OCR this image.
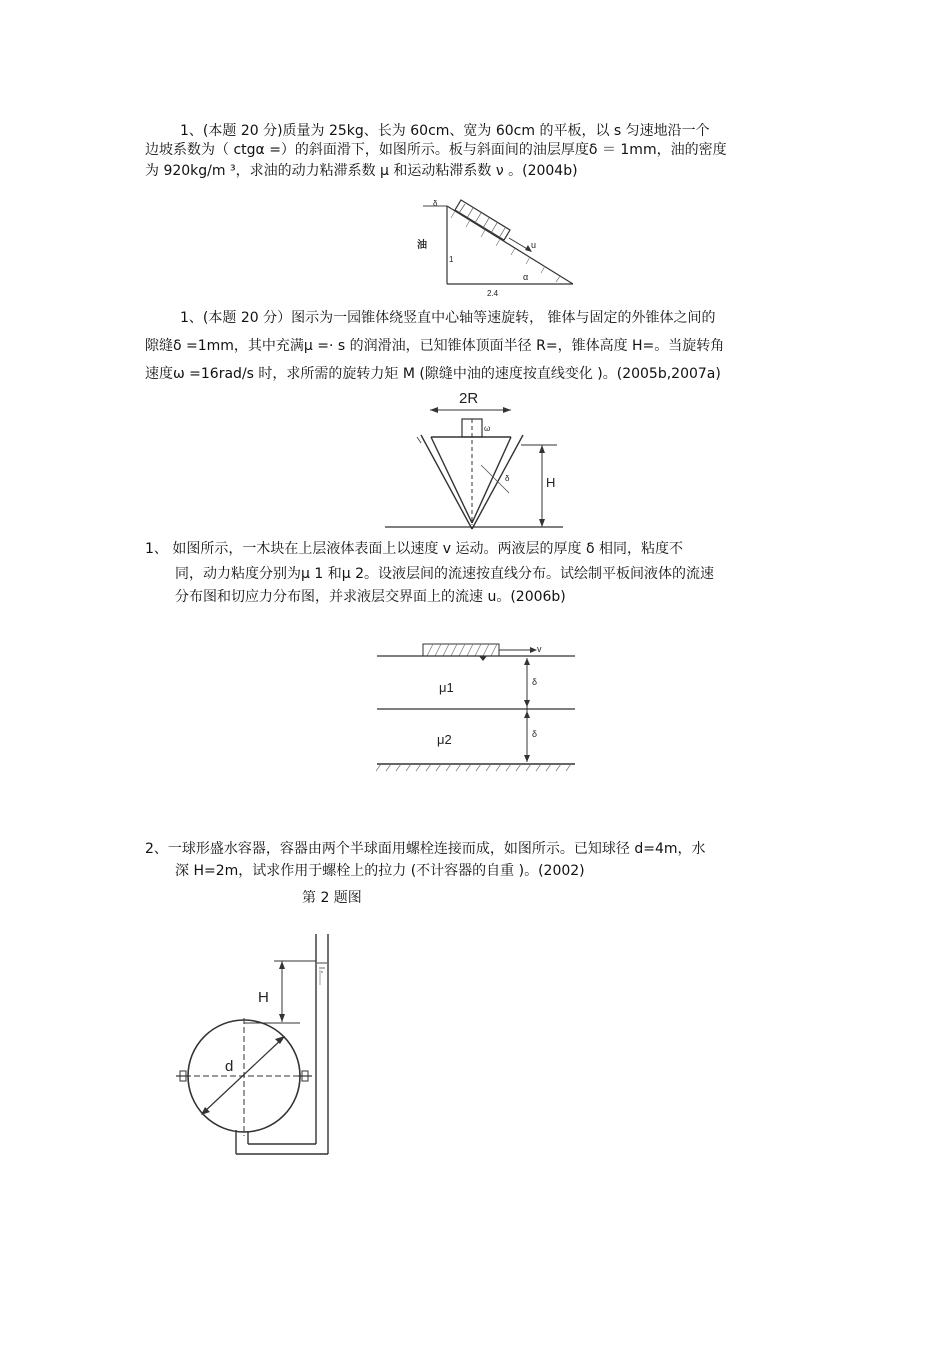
1、(本题 20 分)质量为 25kg、长为 60cm、宽为 60cm 的平板，以 s 匀速地沿一个
边坡系数为（ ctgα =）的斜面滑下，如图所示。板与斜面间的油层厚度δ ＝ 1mm，油的密度
为 920kg/m ³，求油的动力粘滞系数 μ 和运动粘滞系数 ν 。(2004b)
u
δ
油
1
α
2.4
1、(本题 20 分）图示为一园锥体绕竖直中心轴等速旋转， 锥体与固定的外锥体之间的
隙缝δ =1mm，其中充满μ =· s 的润滑油，已知锥体顶面半径 R=，锥体高度 H=。当旋转角
速度ω =16rad/s 时，求所需的旋转力矩 M (隙缝中油的速度按直线变化 )。(2005b,2007a)
2R
ω
δ	H
1、 如图所示，一木块在上层液体表面上以速度 v 运动。两液层的厚度 δ 相同，粘度不
同，动力粘度分别为μ 1 和μ 2。设液层间的流速按直线分布。试绘制平板间液体的流速
分布图和切应力分布图，并求液层交界面上的流速 u。(2006b)
v
δ
δ
μ1
μ2
2、一球形盛水容器，容器由两个半球面用螺栓连接而成，如图所示。已知球径 d=4m，水
深 H=2m，试求作用于螺栓上的拉力 (不计容器的自重 )。(2002)
第 2 题图
H
d
